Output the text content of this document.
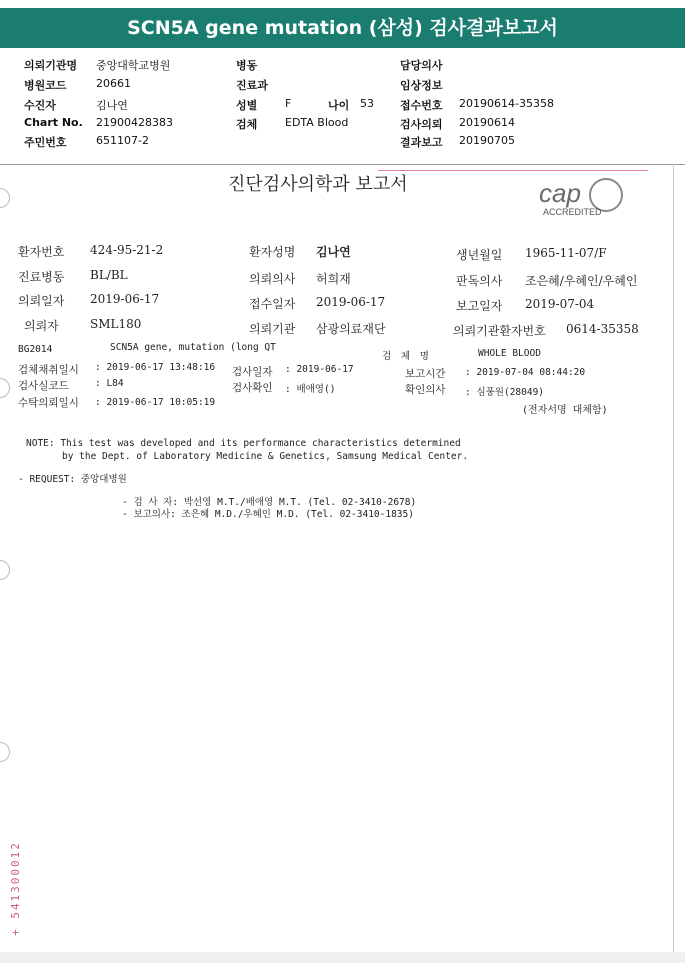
SCN5A gene mutation (삼성) 검사결과보고서
의뢰기관명 중앙대학교병원	병동	담당의사
병원코드	20661	진료과	임상정보
수진자	김나연	성별	F	나이 53 접수번호 20190614-35358
Chart No. 21900428383	검체	EDTA Blood	검사의뢰 20190614
주민번호	651107-2	결과보고 20190705
진단검사의학과 보고서	cap
ACCREDITED
환자번호 424-95-21-2	환자성명 김나연	생년월일 1965-11-07/F
진료병동 BL/BL	의뢰의사 허희재	판독의사 조은혜/우혜인/우혜인
의뢰일자 2019-06-17	접수일자 2019-06-17	보고일자 2019-07-04
의뢰자	SML180	의뢰기관 삼광의료재단	의뢰기관환자번호 0614-35358
BG2014	SCN5A gene, mutation (long QT
검 체 명	WHOLE BLOOD
검체채취일시 : 2019-06-17 13:48:16 검사일자 : 2019-06-17	보고시간 : 2019-07-04 08:44:20
검사실코드	: L84	검사확인 : 배애영()	확인의사 : 심풍원(28049)
수탁의뢰일시 : 2019-06-17 10:05:19
(전자서명 대체함)
NOTE: This test was developed and its performance characteristics determined
by the Dept. of Laboratory Medicine & Genetics, Samsung Medical Center.
- REQUEST: 중앙대병원
- 검 사 자: 박선영 M.T./배애영 M.T. (Tel. 02-3410-2678)
- 보고의사: 조은혜 M.D./우혜인 M.D. (Tel. 02-3410-1835)
+ 541300012
